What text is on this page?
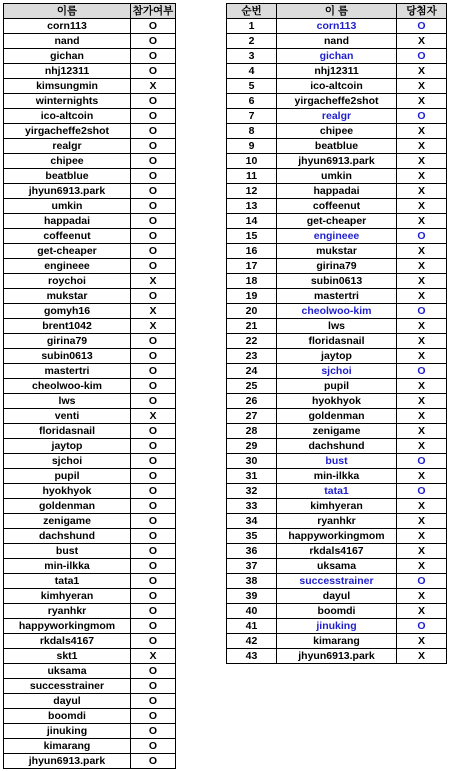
이름	참가여부
corn113	O
nand	O
gichan	O
nhj12311	O
kimsungmin	X
winternights	O
ico-altcoin	O
yirgacheffe2shot	O
realgr	O
chipee	O
beatblue	O
jhyun6913.park	O
umkin	O
happadai	O
coffeenut	O
get-cheaper	O
engineee	O
roychoi	X
mukstar	O
gomyh16	X
brent1042	X
girina79	O
subin0613	O
mastertri	O
cheolwoo-kim	O
lws	O
venti	X
floridasnail	O
jaytop	O
sjchoi	O
pupil	O
hyokhyok	O
goldenman	O
zenigame	O
dachshund	O
bust	O
min-ilkka	O
tata1	O
kimhyeran	O
ryanhkr	O
happyworkingmom	O
rkdals4167	O
skt1	X
uksama	O
successtrainer	O
dayul	O
boomdi	O
jinuking	O
kimarang	O
jhyun6913.park	O
순번	이 름	당첨자
1	corn113	O
2	nand	X
3	gichan	O
4	nhj12311	X
5	ico-altcoin	X
6	yirgacheffe2shot	X
7	realgr	O
8	chipee	X
9	beatblue	X
10	jhyun6913.park	X
11	umkin	X
12	happadai	X
13	coffeenut	X
14	get-cheaper	X
15	engineee	O
16	mukstar	X
17	girina79	X
18	subin0613	X
19	mastertri	X
20	cheolwoo-kim	O
21	lws	X
22	floridasnail	X
23	jaytop	X
24	sjchoi	O
25	pupil	X
26	hyokhyok	X
27	goldenman	X
28	zenigame	X
29	dachshund	X
30	bust	O
31	min-ilkka	X
32	tata1	O
33	kimhyeran	X
34	ryanhkr	X
35	happyworkingmom	X
36	rkdals4167	X
37	uksama	X
38	successtrainer	O
39	dayul	X
40	boomdi	X
41	jinuking	O
42	kimarang	X
43	jhyun6913.park	X
